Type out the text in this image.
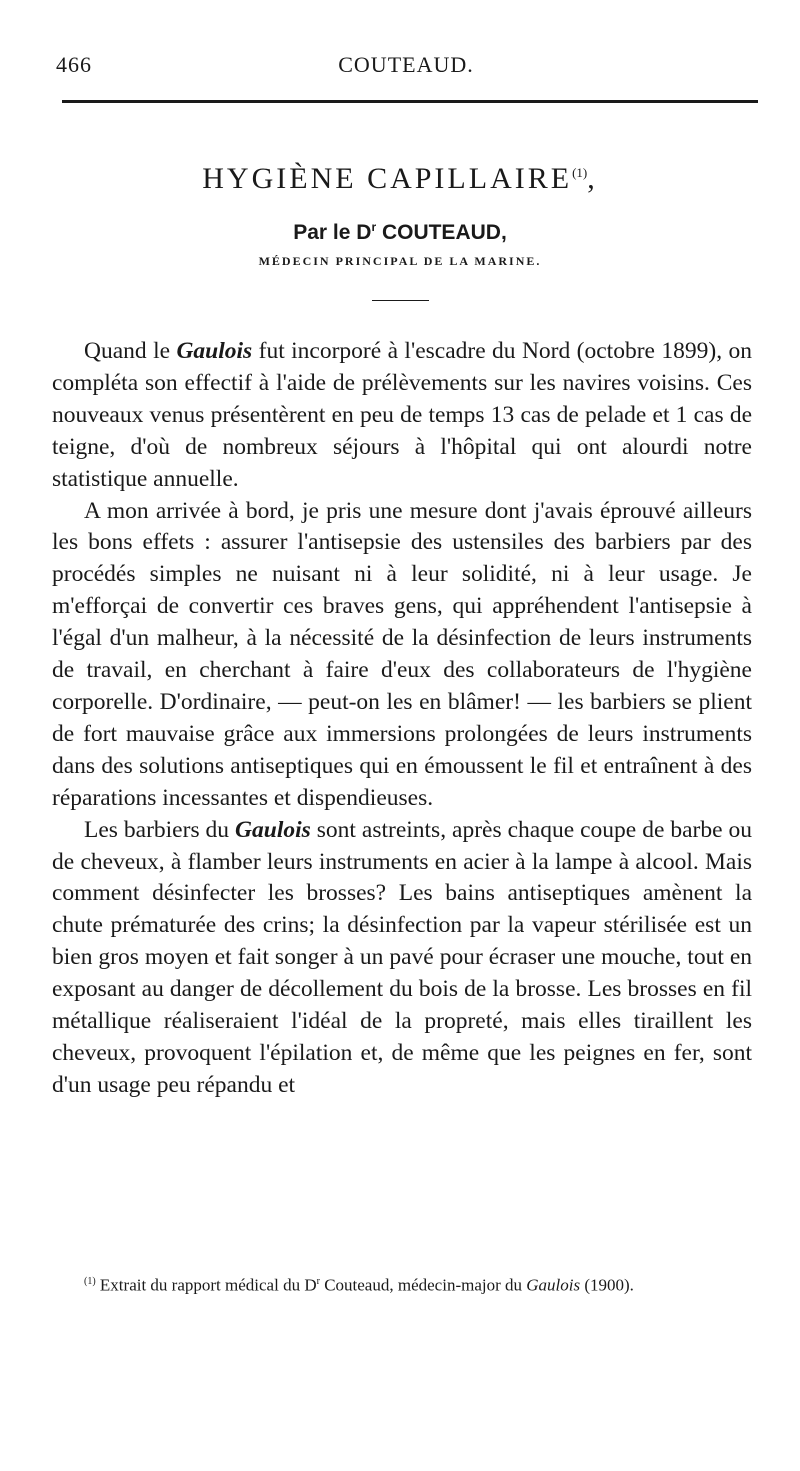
466	COUTEAUD.
HYGIÈNE CAPILLAIRE$^{(1)}$,
Par le $D^r$ COUTEAUD,
MÉDECIN PRINCIPAL DE LA MARINE.

Quand le Gaulois fut incorporé à l'escadre du Nord (octobre 1899), on compléta son effectif à l'aide de prélèvements sur les navires voisins. Ces nouveaux venus présentèrent en peu de temps 13 cas de pelade et 1 cas de teigne, d'où de nombreux séjours à l'hôpital qui ont alourdi notre statistique annuelle.

A mon arrivée à bord, je pris une mesure dont j'avais éprouvé ailleurs les bons effets : assurer l'antisepsie des ustensiles des barbiers par des procédés simples ne nuisant ni à leur solidité, ni à leur usage. Je m'efforçai de convertir ces braves gens, qui appréhendent l'antisepsie à l'égal d'un malheur, à la nécessité de la désinfection de leurs instruments de travail, en cherchant à faire d'eux des collaborateurs de l'hygiène corporelle. D'ordinaire, — peut-on les en blâmer! — les barbiers se plient de fort mauvaise grâce aux immersions prolongées de leurs instruments dans des solutions antiseptiques qui en émoussent le fil et entraînent à des réparations incessantes et dispendieuses.

Les barbiers du Gaulois sont astreints, après chaque coupe de barbe ou de cheveux, à flamber leurs instruments en acier à la lampe à alcool. Mais comment désinfecter les brosses? Les bains antiseptiques amènent la chute prématurée des crins; la désinfection par la vapeur stérilisée est un bien gros moyen et fait songer à un pavé pour écraser une mouche, tout en exposant au danger de décollement du bois de la brosse. Les brosses en fil métallique réaliseraient l'idéal de la propreté, mais elles tiraillent les cheveux, provoquent l'épilation et, de même que les peignes en fer, sont d'un usage peu répandu et

$^{(1)}$ Extrait du rapport médical du $D^r$ Couteaud, médecin-major du Gaulois (1900).
